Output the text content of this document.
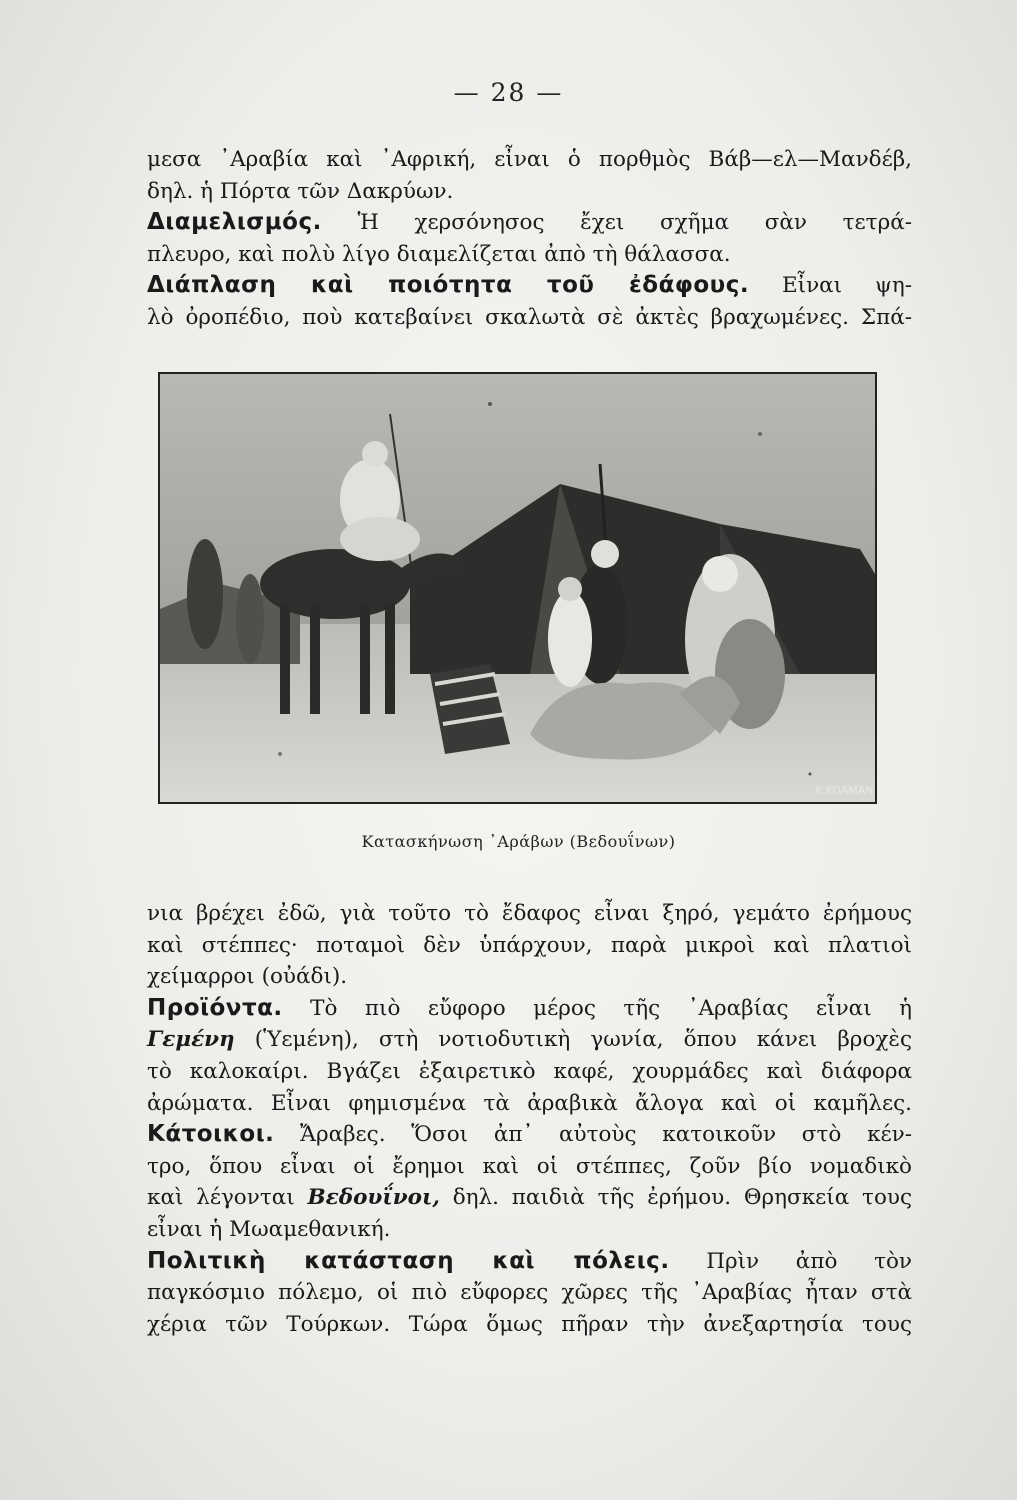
— 28 —
μεσα ᾽Αραβία καὶ ᾽Αφρική, εἶναι ὁ πορθμὸς Βάβ—ελ—Μανδέβ,
δηλ. ἡ Πόρτα τῶν Δακρύων.
Διαμελισμός. Ἡ χερσόνησος ἔχει σχῆμα σὰν τετρά-
πλευρο, καὶ πολὺ λίγο διαμελίζεται ἀπὸ τὴ θάλασσα.
Διάπλαση καὶ ποιότητα τοῦ ἐδάφους. Εἶναι ψη-
λὸ ὀροπέδιο, ποὺ κατεβαίνει σκαλωτὰ σὲ ἀκτὲς βραχωμένες. Σπά-
K.KOAMAN
Κατασκήνωση ᾽Αράβων (Βεδουΐνων)
νια βρέχει ἐδῶ, γιὰ τοῦτο τὸ ἔδαφος εἶναι ξηρό, γεμάτο ἐρήμους
καὶ στέππες· ποταμοὶ δὲν ὑπάρχουν, παρὰ μικροὶ καὶ πλατιοὶ
χείμαρροι (οὐάδι).
Προϊόντα. Τὸ πιὸ εὔφορο μέρος τῆς ᾽Αραβίας εἶναι ἡ
Γεμένη (Ὑεμένη), στὴ νοτιοδυτικὴ γωνία, ὅπου κάνει βροχὲς
τὸ καλοκαίρι. Βγάζει ἐξαιρετικὸ καφέ, χουρμάδες καὶ διάφορα
ἀρώματα. Εἶναι φημισμένα τὰ ἀραβικὰ ἄλογα καὶ οἱ καμῆλες.
Κάτοικοι. Ἄραβες. Ὅσοι ἀπ᾽ αὐτοὺς κατοικοῦν στὸ κέν-
τρο, ὅπου εἶναι οἱ ἔρημοι καὶ οἱ στέππες, ζοῦν βίο νομαδικὸ
καὶ λέγονται Βεδουΐνοι, δηλ. παιδιὰ τῆς ἐρήμου. Θρησκεία τους
εἶναι ἡ Μωαμεθανική.
Πολιτικὴ κατάσταση καὶ πόλεις. Πρὶν ἀπὸ τὸν
παγκόσμιο πόλεμο, οἱ πιὸ εὔφορες χῶρες τῆς ᾽Αραβίας ἦταν στὰ
χέρια τῶν Τούρκων. Τώρα ὅμως πῆραν τὴν ἀνεξαρτησία τους
